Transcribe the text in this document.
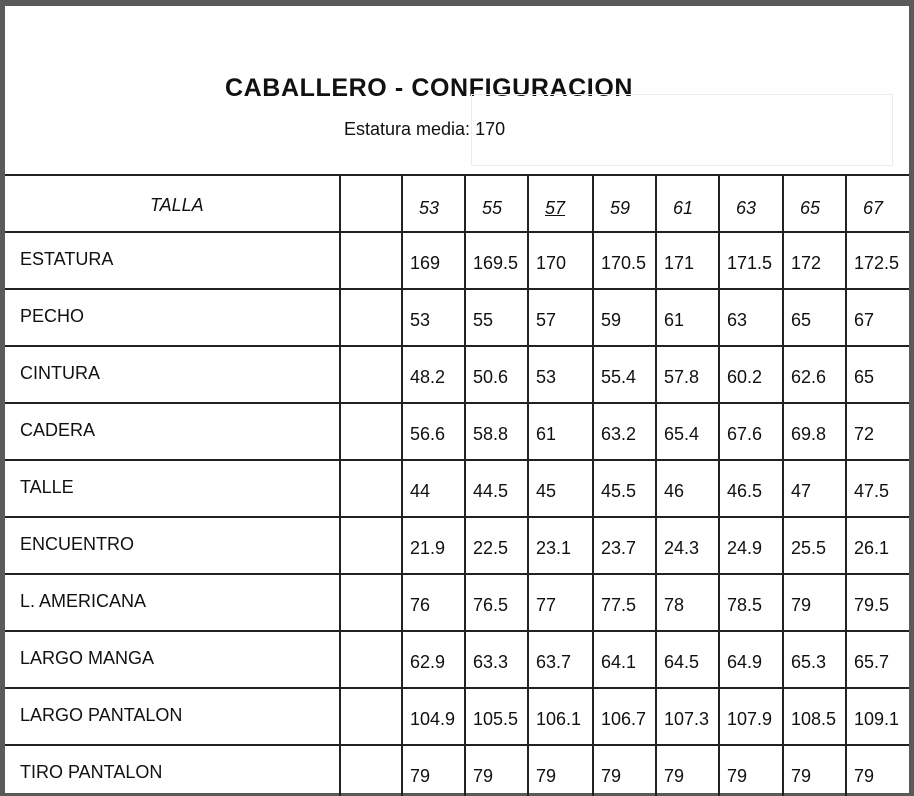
CABALLERO - CONFIGURACION
Estatura media: 170
TALLA	53 55 57 59 61 63 65 67
ESTATURA	169 169.5 170 170.5 171 171.5 172 172.5
PECHO	53 55 57 59 61 63 65 67
CINTURA	48.2 50.6 53 55.4 57.8 60.2 62.6 65
CADERA	56.6 58.8 61 63.2 65.4 67.6 69.8 72
TALLE	44 44.5 45 45.5 46 46.5 47 47.5
ENCUENTRO	21.9 22.5 23.1 23.7 24.3 24.9 25.5 26.1
L. AMERICANA	76 76.5 77 77.5 78 78.5 79 79.5
LARGO MANGA	62.9 63.3 63.7 64.1 64.5 64.9 65.3 65.7
LARGO PANTALON	104.9 105.5 106.1 106.7 107.3 107.9 108.5 109.1
TIRO PANTALON	79 79 79 79 79 79 79 79
